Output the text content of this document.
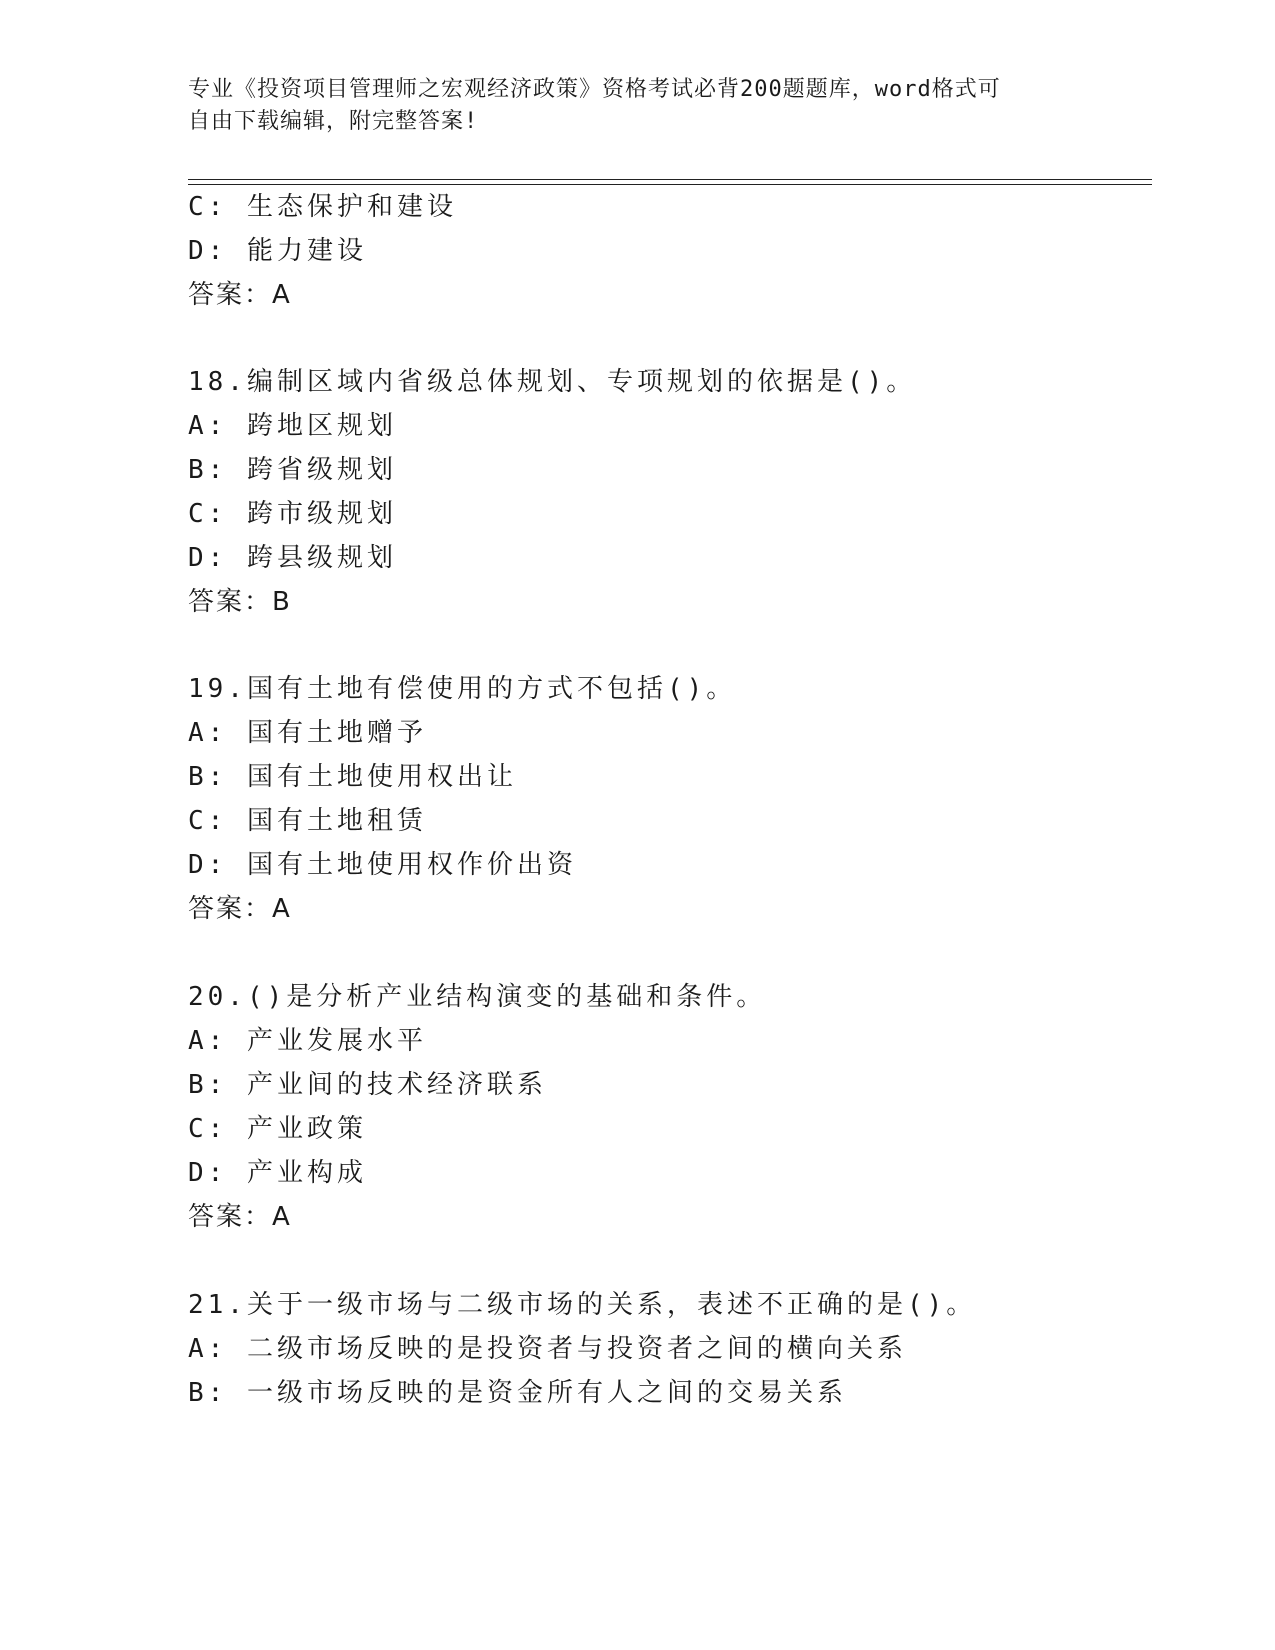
专业《投资项目管理师之宏观经济政策》资格考试必背200题题库，word格式可
自由下载编辑，附完整答案!
C: 生态保护和建设
D: 能力建设
答案：A
18.编制区域内省级总体规划、专项规划的依据是()。
A: 跨地区规划
B: 跨省级规划
C: 跨市级规划
D: 跨县级规划
答案：B
19.国有土地有偿使用的方式不包括()。
A: 国有土地赠予
B: 国有土地使用权出让
C: 国有土地租赁
D: 国有土地使用权作价出资
答案：A
20.()是分析产业结构演变的基础和条件。
A: 产业发展水平
B: 产业间的技术经济联系
C: 产业政策
D: 产业构成
答案：A
21.关于一级市场与二级市场的关系，表述不正确的是()。
A: 二级市场反映的是投资者与投资者之间的横向关系
B: 一级市场反映的是资金所有人之间的交易关系
